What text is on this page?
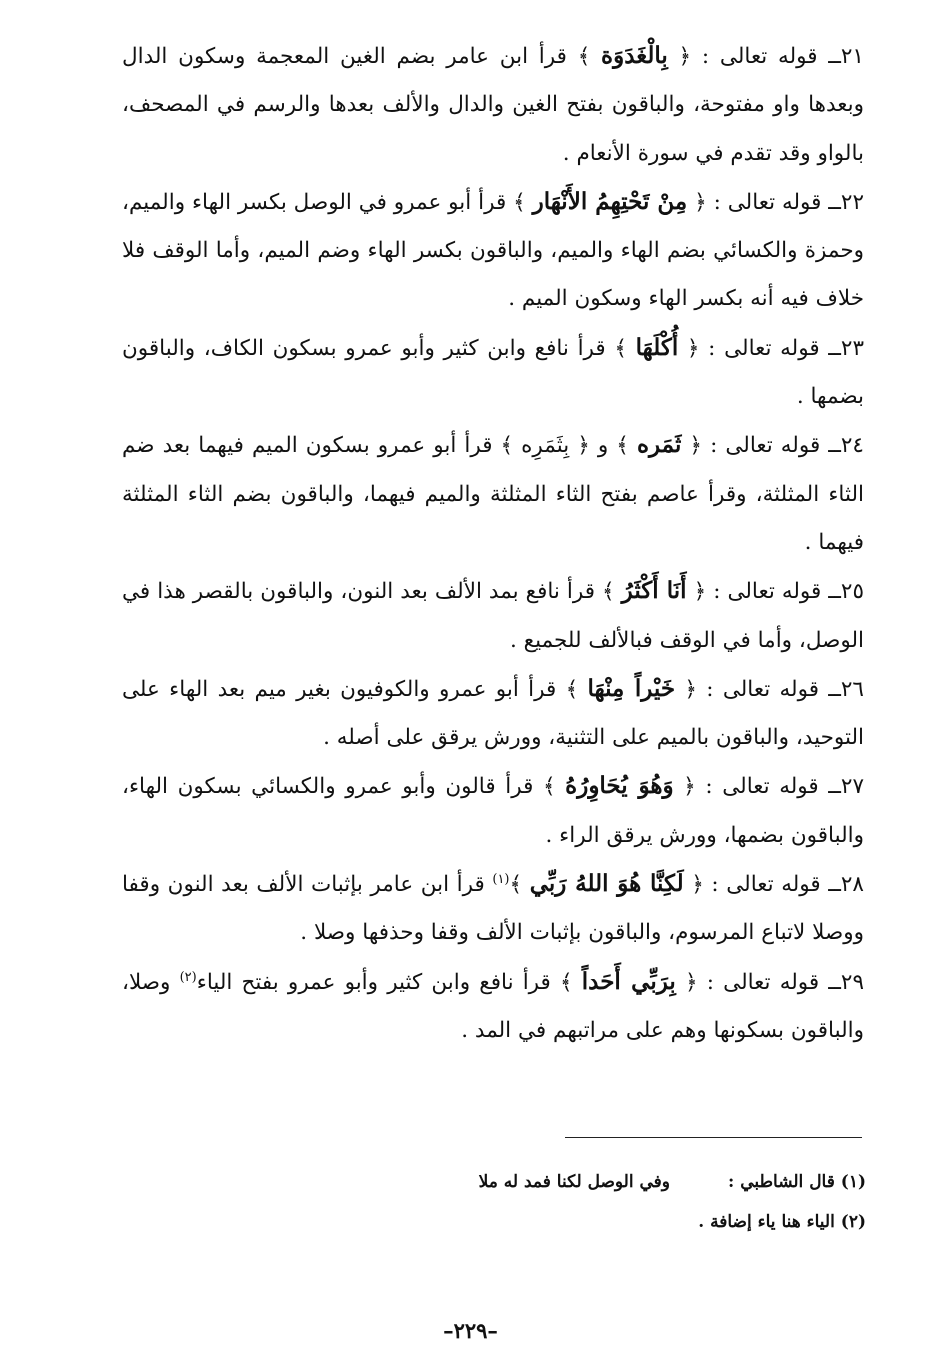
٢١ــ قوله تعالى : ﴿ بِالْغَدَوَة ﴾ قرأ ابن عامر بضم الغين المعجمة وسكون الدال وبعدها واو مفتوحة، والباقون بفتح الغين والدال والألف بعدها والرسم في المصحف، بالواو وقد تقدم في سورة الأنعام .

٢٢ــ قوله تعالى : ﴿ مِنْ تَحْتِهِمُ الأَنْهَار ﴾ قرأ أبو عمرو في الوصل بكسر الهاء والميم، وحمزة والكسائي بضم الهاء والميم، والباقون بكسر الهاء وضم الميم، وأما الوقف فلا خلاف فيه أنه بكسر الهاء وسكون الميم .

٢٣ــ قوله تعالى : ﴿ أُكْلَهَا ﴾ قرأ نافع وابن كثير وأبو عمرو بسكون الكاف، والباقون بضمها .

٢٤ــ قوله تعالى : ﴿ ثَمَره ﴾ و ﴿ بِثَمَرِه ﴾ قرأ أبو عمرو بسكون الميم فيهما بعد ضم الثاء المثلثة، وقرأ عاصم بفتح الثاء المثلثة والميم فيهما، والباقون بضم الثاء المثلثة فيهما .

٢٥ــ قوله تعالى : ﴿ أَنَا أَكْثَرُ ﴾ قرأ نافع بمد الألف بعد النون، والباقون بالقصر هذا في الوصل، وأما في الوقف فبالألف للجميع .

٢٦ــ قوله تعالى : ﴿ خَيْراً مِنْهَا ﴾ قرأ أبو عمرو والكوفيون بغير ميم بعد الهاء على التوحيد، والباقون بالميم على التثنية، وورش يرقق على أصله .

٢٧ــ قوله تعالى : ﴿ وَهُوَ يُحَاوِرُهُ ﴾ قرأ قالون وأبو عمرو والكسائي بسكون الهاء، والباقون بضمها، وورش يرقق الراء .

٢٨ــ قوله تعالى : ﴿ لَكِنَّا هُوَ اللهُ رَبِّي ﴾$^{(١)}$ قرأ ابن عامر بإثبات الألف بعد النون وقفا ووصلا لاتباع المرسوم، والباقون بإثبات الألف وقفا وحذفها وصلا .

٢٩ــ قوله تعالى : ﴿ بِرَبِّي أَحَداً ﴾ قرأ نافع وابن كثير وأبو عمرو بفتح الياء$^{(٢)}$ وصلا، والباقون بسكونها وهم على مراتبهم في المد .

(١) قال الشاطبي :وفي الوصل لكنا فمد له ملا
(٢) الياء هنا ياء إضافة .
–٢٢٩–
